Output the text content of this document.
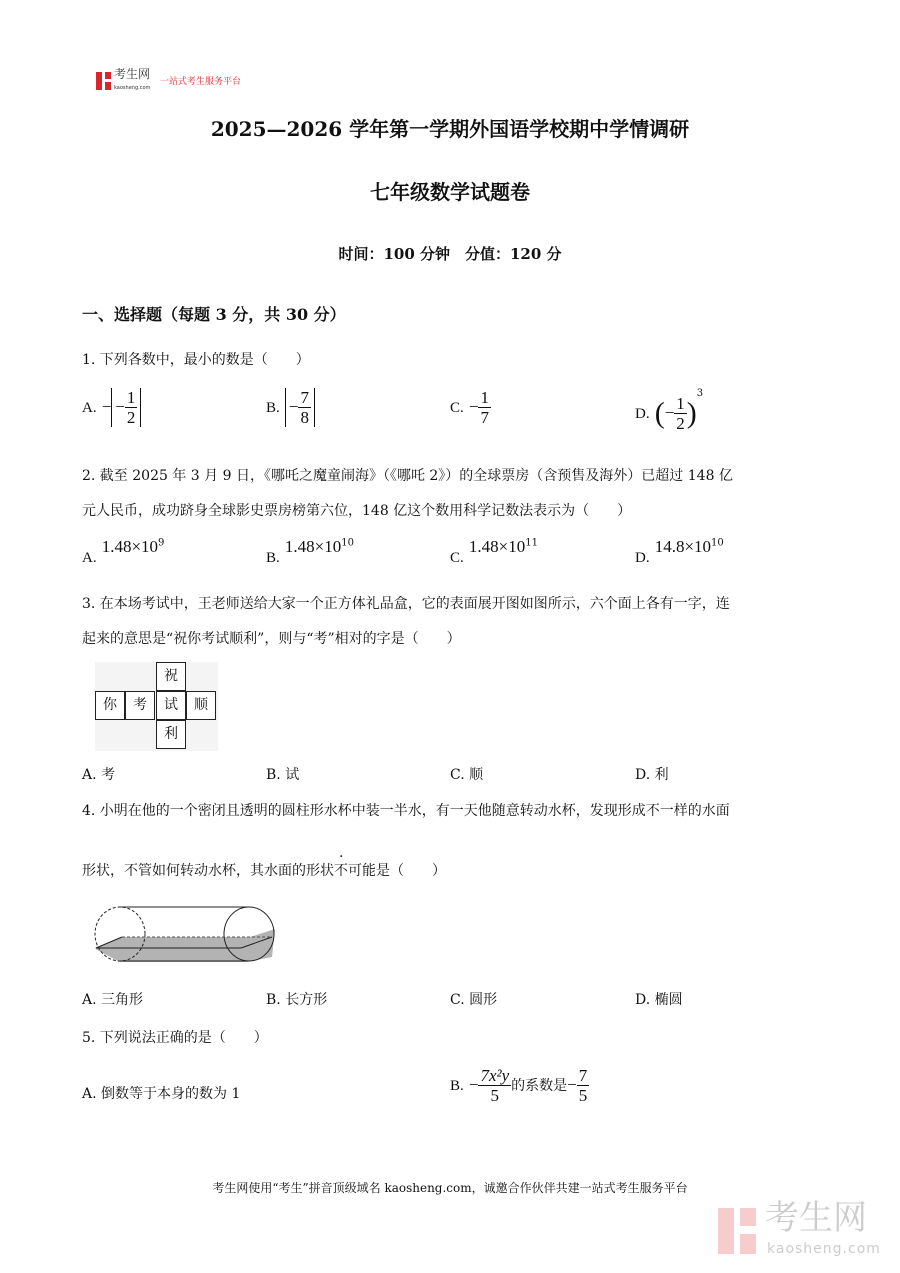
考生网
kaosheng.com
一站式考生服务平台
2025—2026 学年第一学期外国语学校期中学情调研
七年级数学试题卷
时间：100 分钟　分值：120 分
一、选择题（每题 3 分，共 30 分）
1. 下列各数中，最小的数是（　　）
A. − − $\frac{1}{2}$	B. − $\frac{7}{8}$	C. − $\frac{1}{7}$	D. (− $\frac{1}{2} )^3$
2. 截至 2025 年 3 月 9 日，《哪吒之魔童闹海》（《哪吒 2》）的全球票房（含预售及海外）已超过 148 亿
元人民币，成功跻身全球影史票房榜第六位，148 亿这个数用科学记数法表示为（　　）
A. $1.48\times 10^9$
B. $1.48\times 10^{10}$
C. $1.48\times 10^{11}$
D. $14.8\times 10^{10}$
3. 在本场考试中，王老师送给大家一个正方体礼品盒，它的表面展开图如图所示，六个面上各有一字，连
起来的意思是“祝你考试顺利”，则与“考”相对的字是（　　）
祝
你	考	试	顺
利
A. 考	B. 试	C. 顺	D. 利
4. 小明在他的一个密闭且透明的圆柱形水杯中装一半水，有一天他随意转动水杯，发现形成不一样的水面
形状，不管如何转动水杯，其水面的形状不可能是（　　）
A. 三角形	B. 长方形	C. 圆形	D. 椭圆
5. 下列说法正确的是（　　）
A. 倒数等于本身的数为 1	B. − $\frac{\text{7x²y}}{5}$ 的系数是− $\frac{7}{5}$
考生网使用“考生”拼音顶级域名 kaosheng.com，诚邀合作伙伴共建一站式考生服务平台
考生网
kaosheng.com
